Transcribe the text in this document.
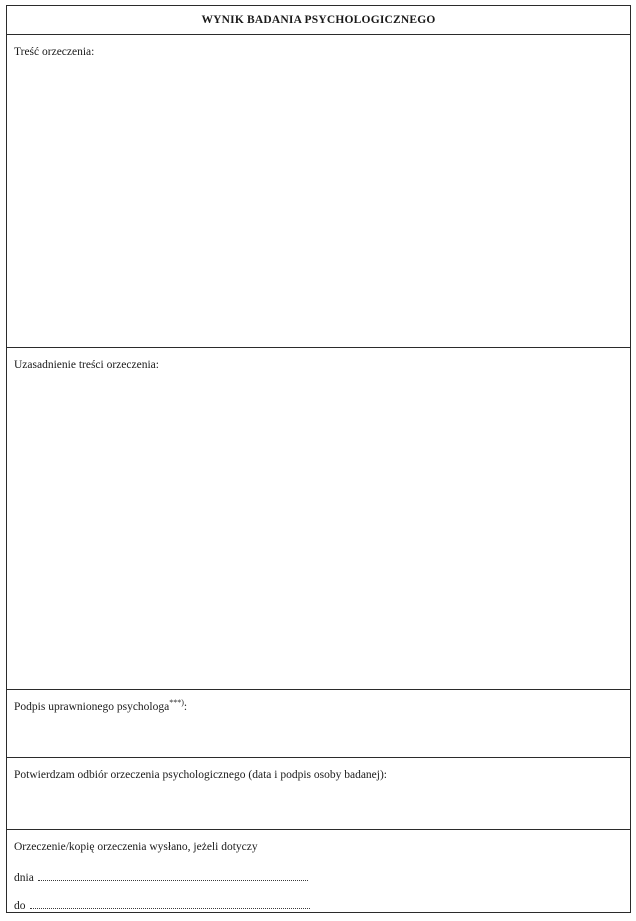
WYNIK BADANIA PSYCHOLOGICZNEGO
Treść orzeczenia:
Uzasadnienie treści orzeczenia:
Podpis uprawnionego psychologa***):
Potwierdzam odbiór orzeczenia psychologicznego (data i podpis osoby badanej):
Orzeczenie/kopię orzeczenia wysłano, jeżeli dotyczy
dnia
do
